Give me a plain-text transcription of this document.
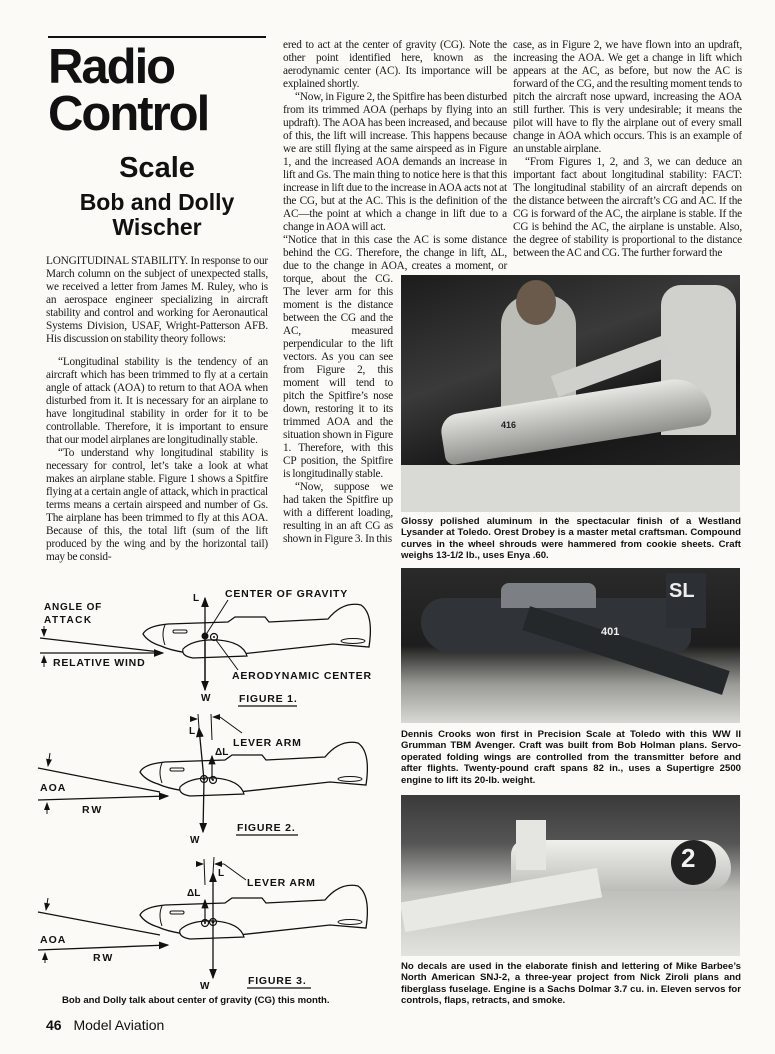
Radio
Control
Scale
Bob and Dolly
Wischer

LONGITUDINAL STABILITY. In response to our March column on the subject of unexpected stalls, we received a letter from James M. Ruley, who is an aerospace engineer specializing in aircraft stability and control and working for Aeronautical Systems Division, USAF, Wright-Patterson AFB. His discussion on stability theory follows:

“Longitudinal stability is the tendency of an aircraft which has been trimmed to fly at a certain angle of attack (AOA) to return to that AOA when disturbed from it. It is necessary for an airplane to have longitudinal stability in order for it to be controllable. Therefore, it is important to ensure that our model airplanes are longitudinally stable.

“To understand why longitudinal stability is necessary for control, let’s take a look at what makes an airplane stable. Figure 1 shows a Spitfire flying at a certain angle of attack, which in practical terms means a certain airspeed and number of Gs. The airplane has been trimmed to fly at this AOA. Because of this, the total lift (sum of the lift produced by the wing and by the horizontal tail) may be consid-

ered to act at the center of gravity (CG). Note the other point identified here, known as the aerodynamic center (AC). Its importance will be explained shortly.

“Now, in Figure 2, the Spitfire has been disturbed from its trimmed AOA (perhaps by flying into an updraft). The AOA has been increased, and because of this, the lift will increase. This happens because we are still flying at the same airspeed as in Figure 1, and the increased AOA demands an increase in lift and Gs. The main thing to notice here is that this increase in lift due to the increase in AOA acts not at the CG, but at the AC. This is the definition of the AC—the point at which a change in lift due to a change in AOA will act.

“Notice that in this case the AC is some distance behind the CG. Therefore, the change in lift, ΔL, due to the change in AOA, creates a moment, or torque, about the CG. The lever arm for this moment is the distance between the CG and the AC, measured perpendicular to the lift vectors. As you can see from Figure 2, this moment will tend to pitch the Spitfire’s nose down, restoring it to its trimmed AOA and the situation shown in Figure 1. Therefore, with this CP position, the Spitfire is longitudinally stable.

“Now, suppose we had taken the Spitfire up with a different loading, resulting in an aft CG as shown in Figure 3. In this

case, as in Figure 2, we have flown into an updraft, increasing the AOA. We get a change in lift which appears at the AC, as before, but now the AC is forward of the CG, and the resulting moment tends to pitch the aircraft nose upward, increasing the AOA still further. This is very undesirable; it means the pilot will have to fly the airplane out of every small change in AOA which occurs. This is an example of an unstable airplane.

“From Figures 1, 2, and 3, we can deduce an important fact about longitudinal stability: FACT: The longitudinal stability of an aircraft depends on the distance between the aircraft’s CG and AC. If the CG is forward of the AC, the airplane is stable. If the CG is behind the AC, the airplane is unstable. Also, the degree of stability is proportional to the distance between the AC and CG. The further forward the

416
Glossy polished aluminum in the spectacular finish of a Westland Lysander at Toledo. Orest Drobey is a master metal craftsman. Compound curves in the wheel shrouds were hammered from cookie sheets. Craft weighs 13-1/2 lb., uses Enya .60.
SL
401
Dennis Crooks won first in Precision Scale at Toledo with this WW II Grumman TBM Avenger. Craft was built from Bob Holman plans. Servo-operated folding wings are controlled from the transmitter before and after flights. Twenty-pound craft spans 82 in., uses a Supertigre 2500 engine to lift its 20-lb. weight.
2
No decals are used in the elaborate finish and lettering of Mike Barbee’s North American SNJ-2, a three-year project from Nick Ziroli plans and fiberglass fuselage. Engine is a Sachs Dolmar 3.7 cu. in. Eleven servos for controls, flaps, retracts, and smoke.
L CENTER OF GRAVITY
ANGLE OF
ATTACK
RELATIVE WIND
AERODYNAMIC CENTER
W	FIGURE 1.
L
ΔL
LEVER ARM
AOA
RW
W
FIGURE 2.
L
ΔL
LEVER ARM
AOA
RW
W	FIGURE 3.
Bob and Dolly talk about center of gravity (CG) this month.
46 Model Aviation
